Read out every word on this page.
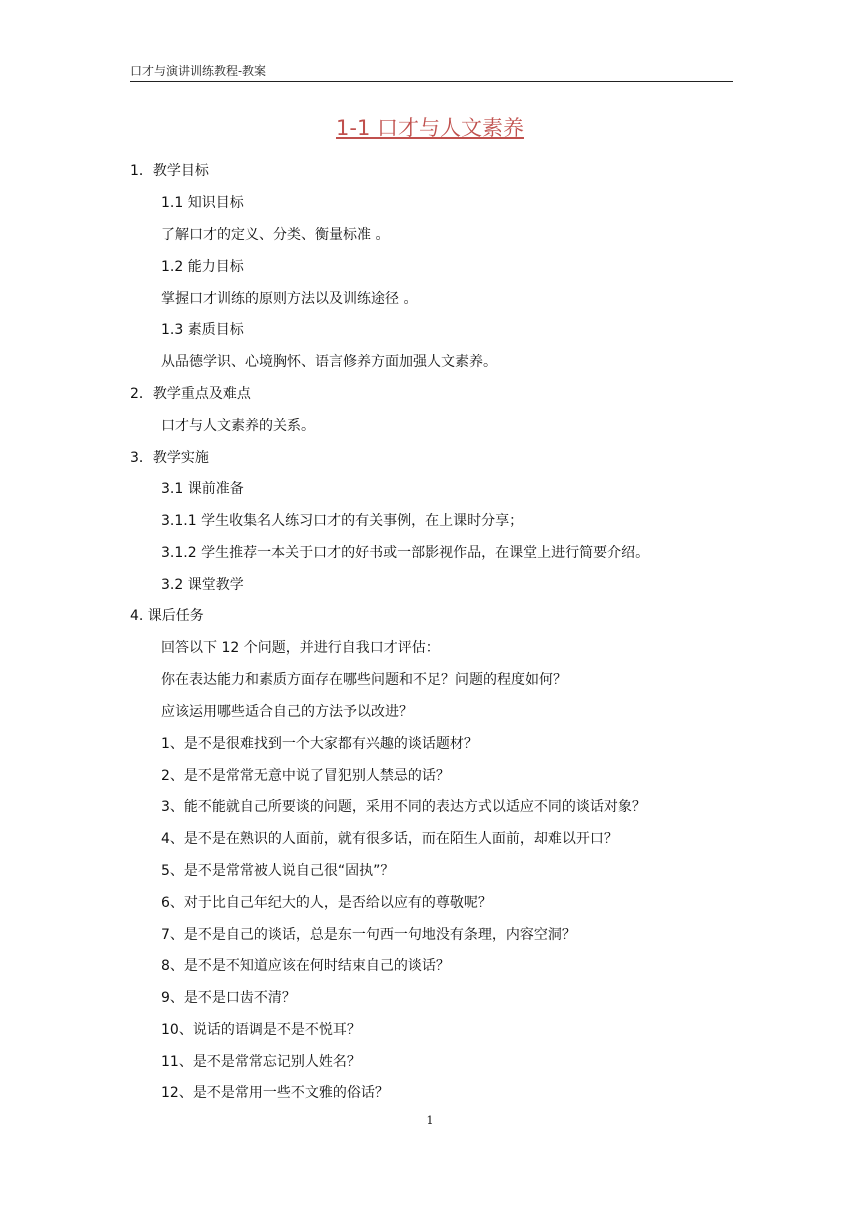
口才与演讲训练教程-教案
1-1 口才与人文素养
1．教学目标
1.1 知识目标
了解口才的定义、分类、衡量标准 。
1.2 能力目标
掌握口才训练的原则方法以及训练途径 。
1.3 素质目标
从品德学识、心境胸怀、语言修养方面加强人文素养。
2．教学重点及难点
口才与人文素养的关系。
3．教学实施
3.1 课前准备
3.1.1 学生收集名人练习口才的有关事例，在上课时分享；
3.1.2 学生推荐一本关于口才的好书或一部影视作品，在课堂上进行简要介绍。
3.2 课堂教学
4. 课后任务
回答以下 12 个问题，并进行自我口才评估：
你在表达能力和素质方面存在哪些问题和不足？问题的程度如何？
应该运用哪些适合自己的方法予以改进？
1、是不是很难找到一个大家都有兴趣的谈话题材？
2、是不是常常无意中说了冒犯别人禁忌的话？
3、能不能就自己所要谈的问题，采用不同的表达方式以适应不同的谈话对象？
4、是不是在熟识的人面前，就有很多话，而在陌生人面前，却难以开口？
5、是不是常常被人说自己很“固执”？
6、对于比自己年纪大的人，是否给以应有的尊敬呢？
7、是不是自己的谈话，总是东一句西一句地没有条理，内容空洞？
8、是不是不知道应该在何时结束自己的谈话？
9、是不是口齿不清？
10、说话的语调是不是不悦耳？
11、是不是常常忘记别人姓名？
12、是不是常用一些不文雅的俗话？
1
